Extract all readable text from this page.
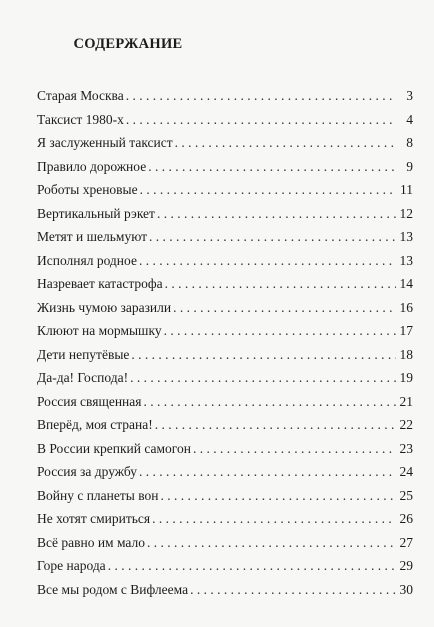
СОДЕРЖАНИЕ
Старая Москва . . .	3
Таксист 1980-х . . .	4
Я заслуженный таксист . . .	8
Правило дорожное . . .	9
Роботы хреновые . . .	11
Вертикальный рэкет . . .	12
Метят и шельмуют . . .	13
Исполнял родное . . .	13
Назревает катастрофа . . .	14
Жизнь чумою заразили . . .	16
Клюют на мормышку . . .	17
Дети непутёвые . . .	18
Да-да! Господа! . . .	19
Россия священная . . .	21
Вперёд, моя страна! . . .	22
В России крепкий самогон . . .	23
Россия за дружбу . . .	24
Войну с планеты вон . . .	25
Не хотят смириться . . .	26
Всё равно им мало . . .	27
Горе народа . . .	29
Все мы родом с Вифлеема . . .	30
